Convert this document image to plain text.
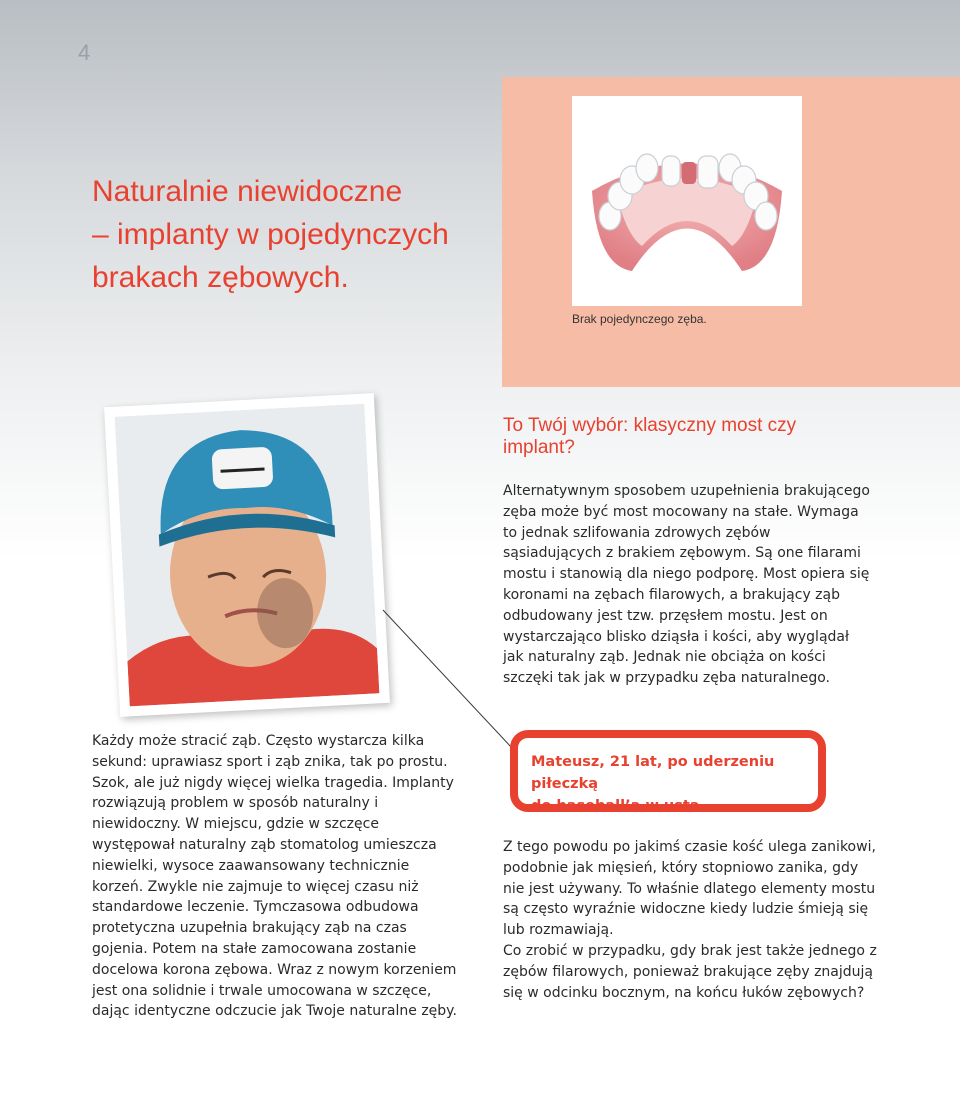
4
Naturalnie niewidoczne
– implanty w pojedynczych
brakach zębowych.
Brak pojedynczego zęba.
To Twój wybór: klasyczny most czy implant?

Alternatywnym sposobem uzupełnienia brakującego zęba może być most mocowany na stałe. Wymaga to jednak szlifowania zdrowych zębów sąsiadujących z brakiem zębowym. Są one filarami mostu i stanowią dla niego podporę. Most opiera się koronami na zębach filarowych, a brakujący ząb odbudowany jest tzw. przęsłem mostu. Jest on wystarczająco blisko dziąsła i kości, aby wyglądał jak naturalny ząb. Jednak nie obciąża on kości szczęki tak jak w przypadku zęba naturalnego.

Każdy może stracić ząb. Często wystarcza kilka sekund: uprawiasz sport i ząb znika, tak po prostu. Szok, ale już nigdy więcej wielka tragedia. Implanty rozwiązują problem w sposób naturalny i niewidoczny. W miejscu, gdzie w szczęce występował naturalny ząb stomatolog umieszcza niewielki, wysoce zaawansowany technicznie korzeń. Zwykle nie zajmuje to więcej czasu niż standardowe leczenie. Tymczasowa odbudowa protetyczna uzupełnia brakujący ząb na czas gojenia. Potem na stałe zamocowana zostanie docelowa korona zębowa. Wraz z nowym korzeniem jest ona solidnie i trwale umocowana w szczęce, dając identyczne odczucie jak Twoje naturalne zęby.

Mateusz, 21 lat, po uderzeniu piłeczką
do baseball’a w usta.

Z tego powodu po jakimś czasie kość ulega zanikowi, podobnie jak mięsień, który stopniowo zanika, gdy nie jest używany. To właśnie dlatego elementy mostu są często wyraźnie widoczne kiedy ludzie śmieją się lub rozmawiają.

Co zrobić w przypadku, gdy brak jest także jednego z zębów filarowych, ponieważ brakujące zęby znajdują się w odcinku bocznym, na końcu łuków zębowych?
